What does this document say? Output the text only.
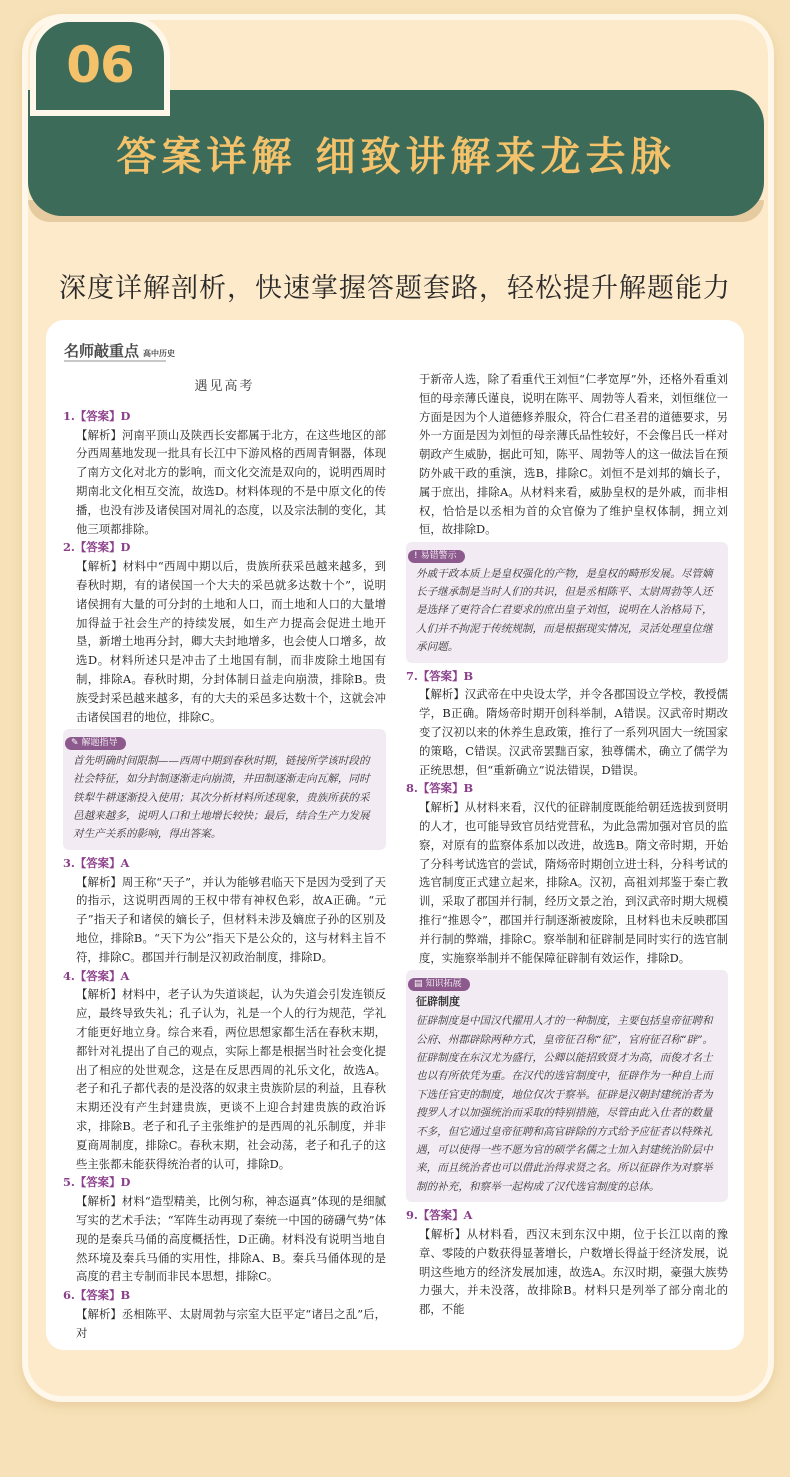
答案详解 细致讲解来龙去脉
06
深度详解剖析，快速掌握答题套路，轻松提升解题能力
名师敲重点 高中历史
遇见高考
1.【答案】D
【解析】河南平顶山及陕西长安都属于北方，在这些地区的部分西周墓地发现一批具有长江中下游风格的西周青铜器，体现了南方文化对北方的影响，而文化交流是双向的，说明西周时期南北文化相互交流，故选D。材料体现的不是中原文化的传播，也没有涉及诸侯国对周礼的态度，以及宗法制的变化，其他三项都排除。
2.【答案】D
【解析】材料中“西周中期以后，贵族所获采邑越来越多，到春秋时期，有的诸侯国一个大夫的采邑就多达数十个”，说明诸侯拥有大量的可分封的土地和人口，而土地和人口的大量增加得益于社会生产的持续发展，如生产力提高会促进土地开垦，新增土地再分封，卿大夫封地增多，也会使人口增多，故选D。材料所述只是冲击了土地国有制，而非废除土地国有制，排除A。春秋时期，分封体制日益走向崩溃，排除B。贵族受封采邑越来越多，有的大夫的采邑多达数十个，这就会冲击诸侯国君的地位，排除C。
✎ 解题指导
首先明确时间限制——西周中期到春秋时期，链接所学该时段的社会特征，如分封制逐渐走向崩溃，井田制逐渐走向瓦解，同时铁犁牛耕逐渐投入使用；其次分析材料所述现象，贵族所获的采邑越来越多，说明人口和土地增长较快；最后，结合生产力发展对生产关系的影响，得出答案。
3.【答案】A
【解析】周王称“天子”，并认为能够君临天下是因为受到了天的指示，这说明西周的王权中带有神权色彩，故A正确。“元子”指天子和诸侯的嫡长子，但材料未涉及嫡庶子孙的区别及地位，排除B。“天下为公”指天下是公众的，这与材料主旨不符，排除C。郡国并行制是汉初政治制度，排除D。
4.【答案】A
【解析】材料中，老子认为失道谈起，认为失道会引发连锁反应，最终导致失礼；孔子认为，礼是一个人的行为规范，学礼才能更好地立身。综合来看，两位思想家都生活在春秋末期，都针对礼提出了自己的观点，实际上都是根据当时社会变化提出了相应的处世观念，这是在反思西周的礼乐文化，故选A。老子和孔子都代表的是没落的奴隶主贵族阶层的利益，且春秋末期还没有产生封建贵族，更谈不上迎合封建贵族的政治诉求，排除B。老子和孔子主张维护的是西周的礼乐制度，并非夏商周制度，排除C。春秋末期，社会动荡，老子和孔子的这些主张都未能获得统治者的认可，排除D。
5.【答案】D
【解析】材料“造型精美，比例匀称，神态逼真”体现的是细腻写实的艺术手法；“军阵生动再现了秦统一中国的磅礴气势”体现的是秦兵马俑的高度概括性，D正确。材料没有说明当地自然环境及秦兵马俑的实用性，排除A、B。秦兵马俑体现的是高度的君主专制而非民本思想，排除C。
6.【答案】B
【解析】丞相陈平、太尉周勃与宗室大臣平定“诸吕之乱”后，对
于新帝人选，除了看重代王刘恒“仁孝宽厚”外，还格外看重刘恒的母亲薄氏谨良，说明在陈平、周勃等人看来，刘恒继位一方面是因为个人道德修养服众，符合仁君圣君的道德要求，另外一方面是因为刘恒的母亲薄氏品性较好，不会像吕氏一样对朝政产生威胁，据此可知，陈平、周勃等人的这一做法旨在预防外戚干政的重演，选B，排除C。刘恒不是刘邦的嫡长子，属于庶出，排除A。从材料来看，威胁皇权的是外戚，而非相权，恰恰是以丞相为首的众官僚为了维护皇权体制，拥立刘恒，故排除D。
! 易错警示
外戚干政本质上是皇权强化的产物，是皇权的畸形发展。尽管嫡长子继承制是当时人们的共识，但是丞相陈平、太尉周勃等人还是选择了更符合仁君要求的庶出皇子刘恒，说明在人治格局下，人们并不拘泥于传统规制，而是根据现实情况，灵活处理皇位继承问题。
7.【答案】B
【解析】汉武帝在中央设太学，并令各郡国设立学校，教授儒学，B正确。隋炀帝时期开创科举制，A错误。汉武帝时期改变了汉初以来的休养生息政策，推行了一系列巩固大一统国家的策略，C错误。汉武帝罢黜百家，独尊儒术，确立了儒学为正统思想，但“重新确立”说法错误，D错误。
8.【答案】B
【解析】从材料来看，汉代的征辟制度既能给朝廷选拔到贤明的人才，也可能导致官员结党营私，为此急需加强对官员的监察，对原有的监察体系加以改进，故选B。隋文帝时期，开始了分科考试选官的尝试，隋炀帝时期创立进士科，分科考试的选官制度正式建立起来，排除A。汉初，高祖刘邦鉴于秦亡教训，采取了郡国并行制，经历文景之治，到汉武帝时期大规模推行“推恩令”，郡国并行制逐渐被废除，且材料也未反映郡国并行制的弊端，排除C。察举制和征辟制是同时实行的选官制度，实施察举制并不能保障征辟制有效运作，排除D。
▤ 知识拓展
征辟制度
征辟制度是中国汉代擢用人才的一种制度，主要包括皇帝征聘和公府、州郡辟除两种方式，皇帝征召称“征”，官府征召称“辟”。征辟制度在东汉尤为盛行，公卿以能招致贤才为高，而俊才名士也以有所依凭为重。在汉代的选官制度中，征辟作为一种自上而下选任官吏的制度，地位仅次于察举。征辟是汉朝封建统治者为搜罗人才以加强统治而采取的特别措施，尽管由此入仕者的数量不多，但它通过皇帝征聘和高官辟除的方式给予应征者以特殊礼遇，可以使得一些不愿为官的硕学名儒之士加入封建统治阶层中来，而且统治者也可以借此治得求贤之名。所以征辟作为对察举制的补充，和察举一起构成了汉代选官制度的总体。
9.【答案】A
【解析】从材料看，西汉末到东汉中期，位于长江以南的豫章、零陵的户数获得显著增长，户数增长得益于经济发展，说明这些地方的经济发展加速，故选A。东汉时期，豪强大族势力强大，并未没落，故排除B。材料只是列举了部分南北的郡，不能
